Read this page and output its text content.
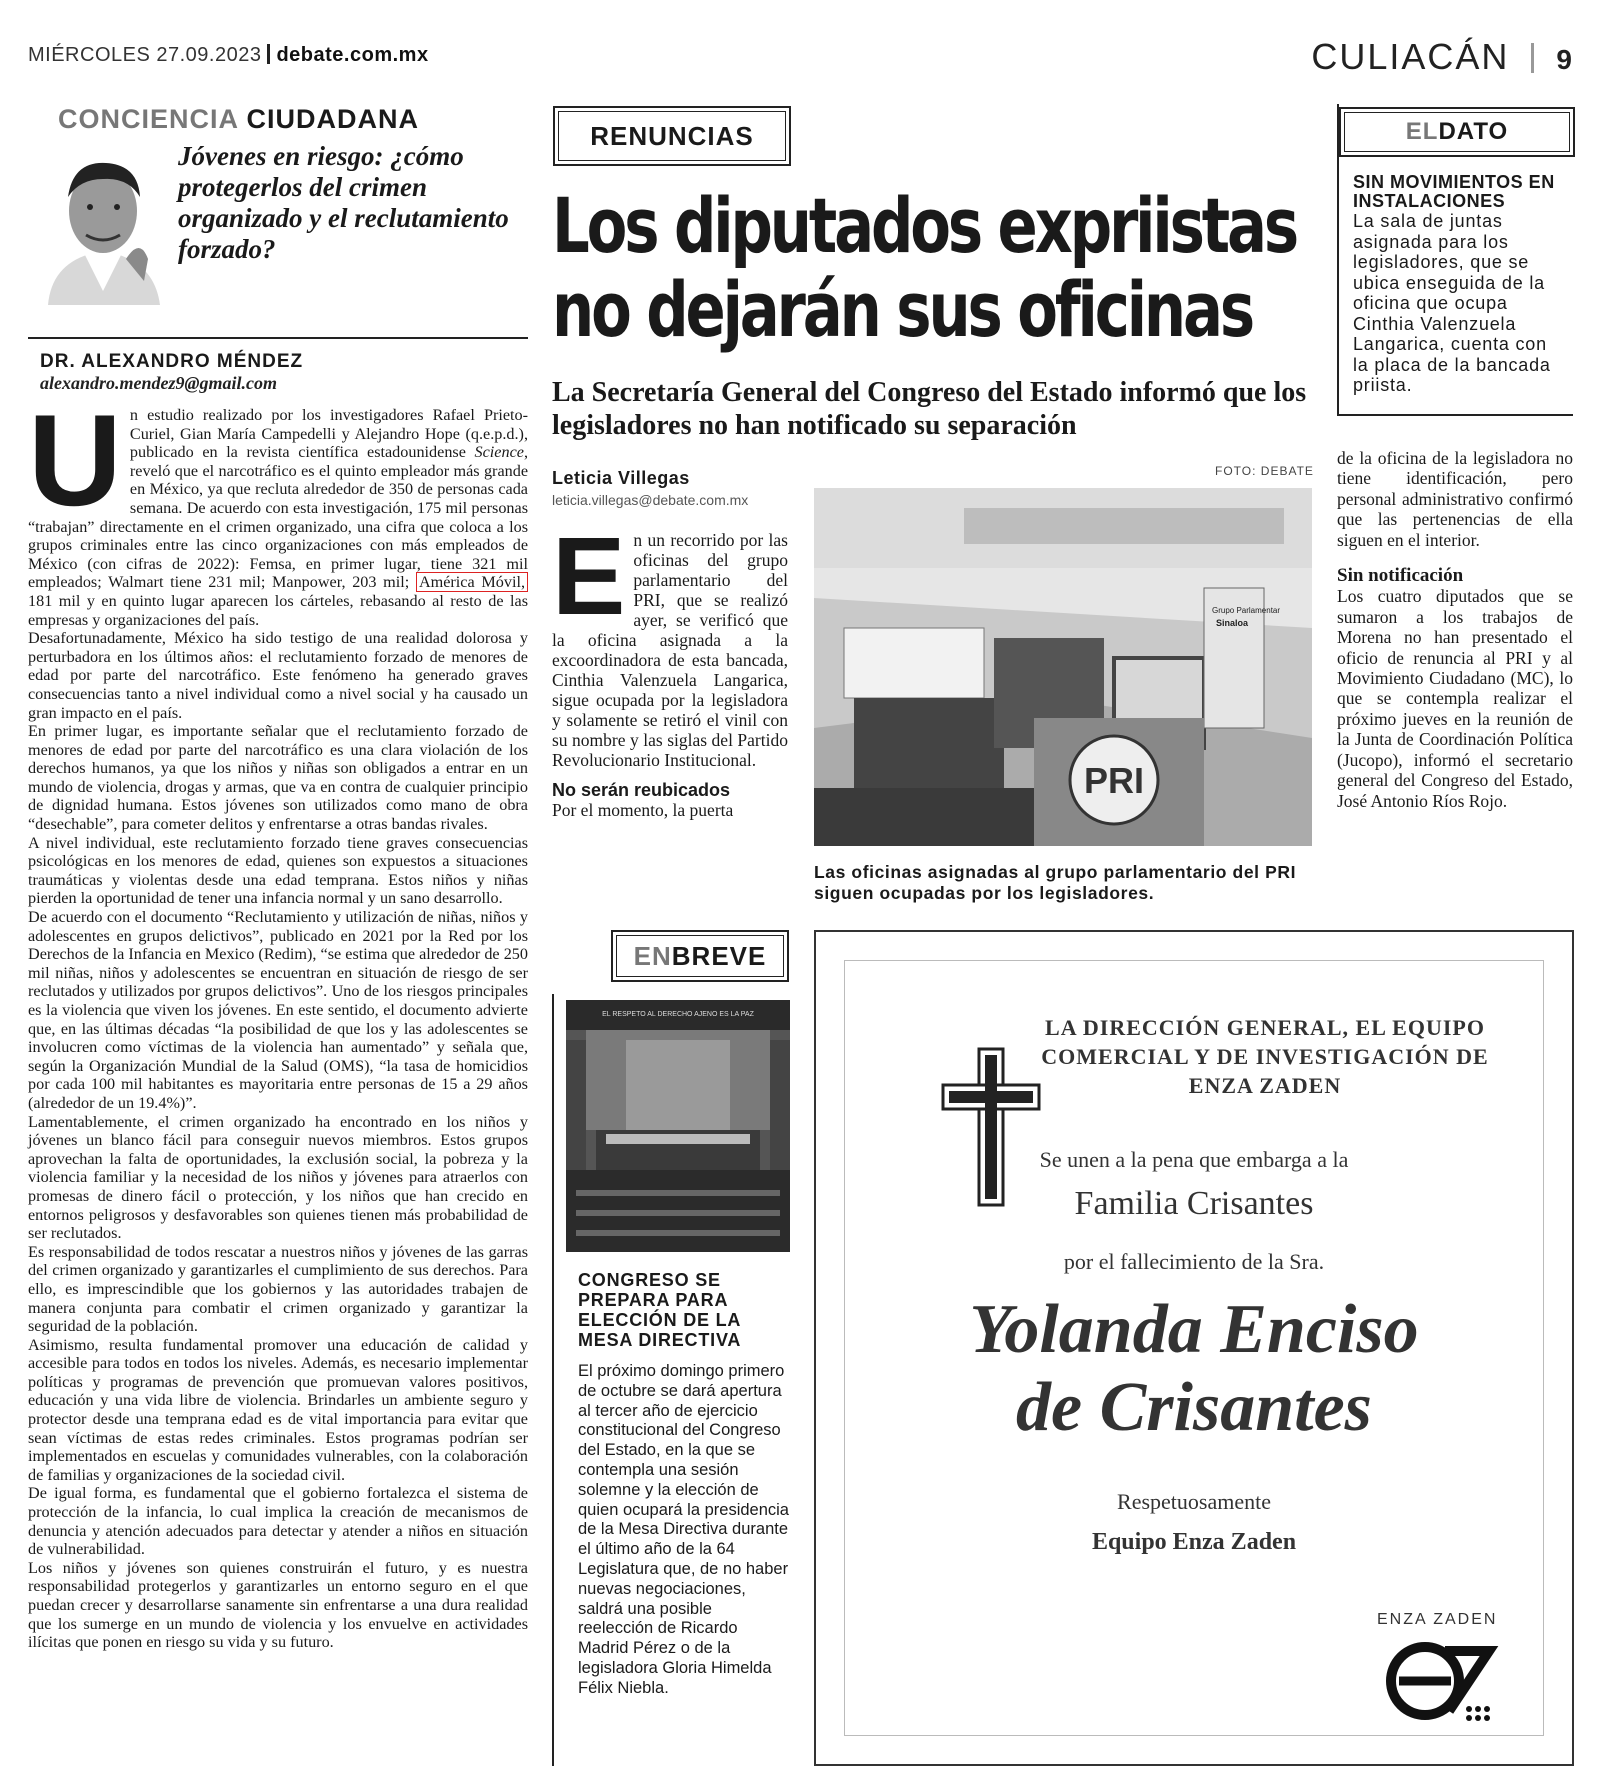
MIÉRCOLES 27.09.2023 debate.com.mx	CULIACÁN 9
CONCIENCIA CIUDADANA
Jóvenes en riesgo: ¿cómo protegerlos del crimen organizado y el reclutamiento forzado?
DR. ALEXANDRO MÉNDEZ
alexandro.mendez9@gmail.com

Un estudio realizado por los investigadores Rafael Prieto-Curiel, Gian María Campedelli y Alejandro Hope (q.e.p.d.), publicado en la revista científica estadounidense Science, reveló que el narcotráfico es el quinto empleador más grande en México, ya que recluta alrededor de 350 de personas cada semana. De acuerdo con esta investigación, 175 mil personas “trabajan” directamente en el crimen organizado, una cifra que coloca a los grupos criminales entre las cinco organizaciones con más empleados de México (con cifras de 2022): Femsa, en primer lugar, tiene 321 mil empleados; Walmart tiene 231 mil; Manpower, 203 mil; América Móvil, 181 mil y en quinto lugar aparecen los cárteles, rebasando al resto de las empresas y organizaciones del país.

Desafortunadamente, México ha sido testigo de una realidad dolorosa y perturbadora en los últimos años: el reclutamiento forzado de menores de edad por parte del narcotráfico. Este fenómeno ha generado graves consecuencias tanto a nivel individual como a nivel social y ha causado un gran impacto en el país.

En primer lugar, es importante señalar que el reclutamiento forzado de menores de edad por parte del narcotráfico es una clara violación de los derechos humanos, ya que los niños y niñas son obligados a entrar en un mundo de violencia, drogas y armas, que va en contra de cualquier principio de dignidad humana. Estos jóvenes son utilizados como mano de obra “desechable”, para cometer delitos y enfrentarse a otras bandas rivales.

A nivel individual, este reclutamiento forzado tiene graves consecuencias psicológicas en los menores de edad, quienes son expuestos a situaciones traumáticas y violentas desde una edad temprana. Estos niños y niñas pierden la oportunidad de tener una infancia normal y un sano desarrollo.

De acuerdo con el documento “Reclutamiento y utilización de niñas, niños y adolescentes en grupos delictivos”, publicado en 2021 por la Red por los Derechos de la Infancia en Mexico (Redim), “se estima que alrededor de 250 mil niñas, niños y adolescentes se encuentran en situación de riesgo de ser reclutados y utilizados por grupos delictivos”. Uno de los riesgos principales es la violencia que viven los jóvenes. En este sentido, el documento advierte que, en las últimas décadas “la posibilidad de que los y las adolescentes se involucren como víctimas de la violencia han aumentado” y señala que, según la Organización Mundial de la Salud (OMS), “la tasa de homicidios por cada 100 mil habitantes es mayoritaria entre personas de 15 a 29 años (alrededor de un 19.4%)”.

Lamentablemente, el crimen organizado ha encontrado en los niños y jóvenes un blanco fácil para conseguir nuevos miembros. Estos grupos aprovechan la falta de oportunidades, la exclusión social, la pobreza y la violencia familiar y la necesidad de los niños y jóvenes para atraerlos con promesas de dinero fácil o protección, y los niños que han crecido en entornos peligrosos y desfavorables son quienes tienen más probabilidad de ser reclutados.

Es responsabilidad de todos rescatar a nuestros niños y jóvenes de las garras del crimen organizado y garantizarles el cumplimiento de sus derechos. Para ello, es imprescindible que los gobiernos y las autoridades trabajen de manera conjunta para combatir el crimen organizado y garantizar la seguridad de la población.

Asimismo, resulta fundamental promover una educación de calidad y accesible para todos en todos los niveles. Además, es necesario implementar políticas y programas de prevención que promuevan valores positivos, educación y una vida libre de violencia. Brindarles un ambiente seguro y protector desde una temprana edad es de vital importancia para evitar que sean víctimas de estas redes criminales. Estos programas podrían ser implementados en escuelas y comunidades vulnerables, con la colaboración de familias y organizaciones de la sociedad civil.

De igual forma, es fundamental que el gobierno fortalezca el sistema de protección de la infancia, lo cual implica la creación de mecanismos de denuncia y atención adecuados para detectar y atender a niños en situación de vulnerabilidad.

Los niños y jóvenes son quienes construirán el futuro, y es nuestra responsabilidad protegerlos y garantizarles un entorno seguro en el que puedan crecer y desarrollarse sanamente sin enfrentarse a una dura realidad que los sumerge en un mundo de violencia y los envuelve en actividades ilícitas que ponen en riesgo su vida y su futuro.

RENUNCIAS
Los diputados expriistas
no dejarán sus oficinas
La Secretaría General del Congreso del Estado informó que los legisladores no han notificado su separación
Leticia Villegas
leticia.villegas@debate.com.mx
FOTO: DEBATE

En un recorrido por las oficinas del grupo parlamentario del PRI, que se realizó ayer, se verificó que la oficina asignada a la excoordinadora de esta bancada, Cinthia Valenzuela Langarica, sigue ocupada por la legisladora y solamente se retiró el vinil con su nombre y las siglas del Partido Revolucionario Institucional.

No serán reubicados

Por el momento, la puerta

Grupo Parlamentar
Sinaloa
PRI
Las oficinas asignadas al grupo parlamentario del PRI siguen ocupadas por los legisladores.
ELDATO
SIN MOVIMIENTOS EN INSTALACIONES
La sala de juntas asignada para los legisladores, que se ubica enseguida de la oficina que ocupa Cinthia Valenzuela Langarica, cuenta con la placa de la bancada priista.

de la oficina de la legisladora no tiene identificación, pero personal administrativo confirmó que las pertenencias de ella siguen en el interior.

Sin notificación

Los cuatro diputados que se sumaron a los trabajos de Morena no han presentado el oficio de renuncia al PRI y al Movimiento Ciudadano (MC), lo que se contempla realizar el próximo jueves en la reunión de la Junta de Coordinación Política (Jucopo), informó el secretario general del Congreso del Estado, José Antonio Ríos Rojo.

ENBREVE
EL RESPETO AL DERECHO AJENO ES LA PAZ
CONGRESO SE PREPARA PARA ELECCIÓN DE LA MESA DIRECTIVA
El próximo domingo primero de octubre se dará apertura al tercer año de ejercicio constitucional del Congreso del Estado, en la que se contempla una sesión solemne y la elección de quien ocupará la presidencia de la Mesa Directiva durante el último año de la 64 Legislatura que, de no haber nuevas negociaciones, saldrá una posible reelección de Ricardo Madrid Pérez o de la legisladora Gloria Himelda Félix Niebla.
LA DIRECCIÓN GENERAL, EL EQUIPO COMERCIAL Y DE INVESTIGACIÓN DE ENZA ZADEN
Se unen a la pena que embarga a la
Familia Crisantes
por el fallecimiento de la Sra.
Yolanda Enciso
de Crisantes
Respetuosamente
Equipo Enza Zaden
ENZA ZADEN
